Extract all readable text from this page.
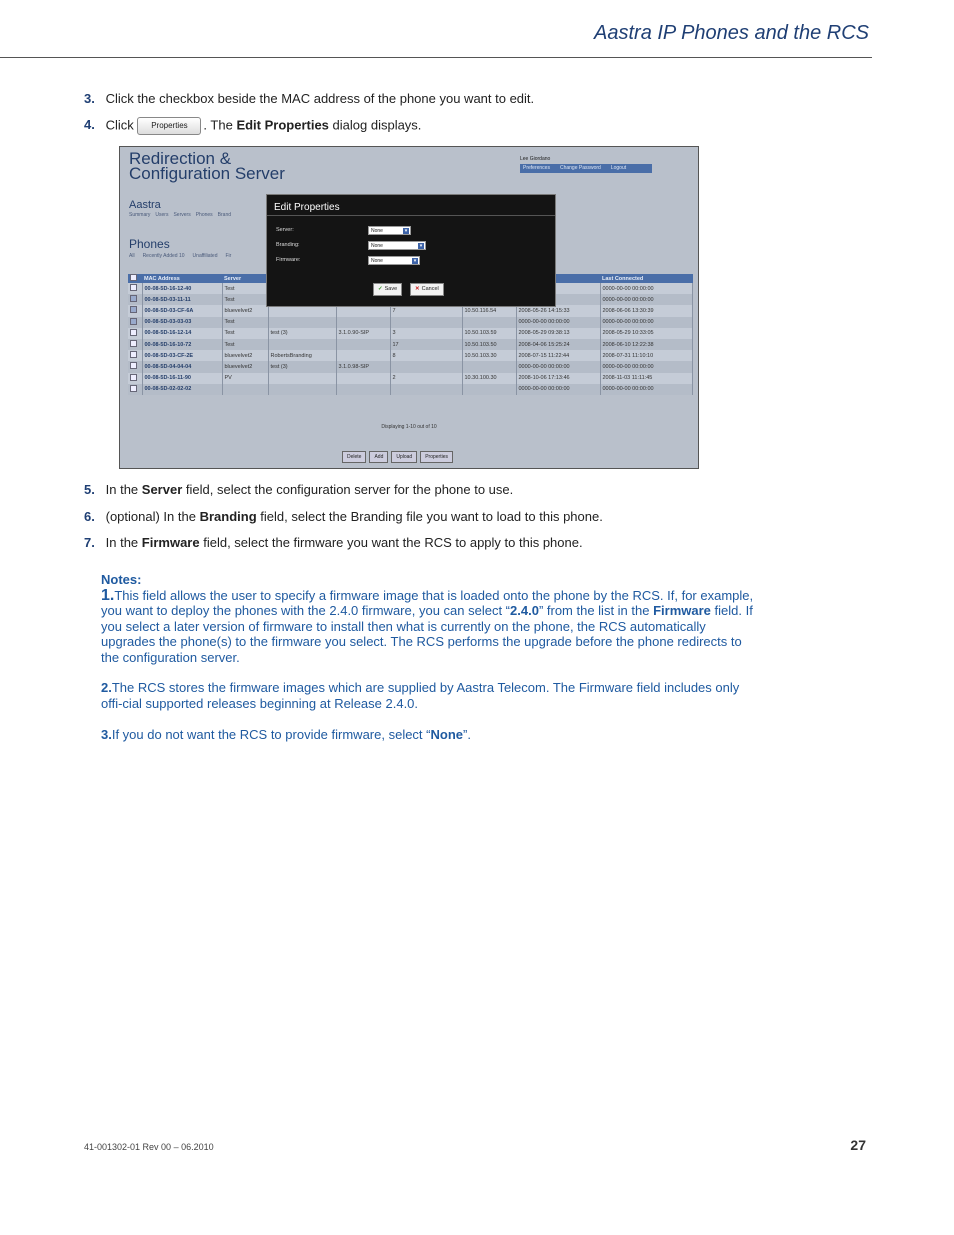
Aastra IP Phones and the RCS
3. Click the checkbox beside the MAC address of the phone you want to edit.
4. Click Properties . The Edit Properties dialog displays.
Redirection &
Configuration Server
Lee Giordano
Preferences	Change Password	Logout
Aastra
Summary Users Servers Phones Brand
Phones
All Recently Added 10 Unaffiliated Fir
	MAC Address	Server						Last Connected
	00-08-5D-16-12-40	Test						0000-00-00 00:00:00
	00-08-5D-03-11-11	Test						0000-00-00 00:00:00
	00-08-5D-03-CF-6A	bluevelvet2			7	10.50.116.54	2008-05-26 14:15:33	2008-06-06 13:30:39
	00-08-5D-03-03-03	Test					0000-00-00 00:00:00	0000-00-00 00:00:00
	00-08-5D-16-12-14	Test	test (3)	3.1.0.90-SIP	3	10.50.103.59	2008-05-29 09:38:13	2008-05-29 10:33:05
	00-08-5D-16-10-72	Test			17	10.50.103.50	2008-04-06 15:25:24	2008-06-10 12:22:38
	00-08-5D-03-CF-2E	bluevelvet2	RobertsBranding		8	10.50.103.30	2008-07-15 11:22:44	2008-07-31 11:10:10
	00-08-5D-04-04-04	bluevelvet2	test (3)	3.1.0.98-SIP			0000-00-00 00:00:00	0000-00-00 00:00:00
	00-08-5D-16-11-90	PV			2	10.30.100.30	2008-10-06 17:13:46	2008-11-03 11:11:45
	00-08-5D-02-02-02						0000-00-00 00:00:00	0000-00-00 00:00:00
Displaying 1-10 out of 10
Delete	Add	Upload	Properties
Edit Properties
Server:	None	▾
Branding:	None	▾
Firmware:	None	▾
✓ Save	✕ Cancel
5. In the Server field, select the configuration server for the phone to use.
6. (optional) In the Branding field, select the Branding file you want to load to this phone.
7. In the Firmware field, select the firmware you want the RCS to apply to this phone.

Notes:

1.This field allows the user to specify a firmware image that is loaded onto the phone by the RCS. If, for example, you want to deploy the phones with the 2.4.0 firmware, you can select “2.4.0” from the list in the Firmware field. If you select a later version of firmware to install then what is currently on the phone, the RCS automatically upgrades the phone(s) to the firmware you select. The RCS performs the upgrade before the phone redirects to the configuration server.

2.The RCS stores the firmware images which are supplied by Aastra Telecom. The Firmware field includes only offi-cial supported releases beginning at Release 2.4.0.

3.If you do not want the RCS to provide firmware, select “None”.

41-001302-01 Rev 00 – 06.2010	27
